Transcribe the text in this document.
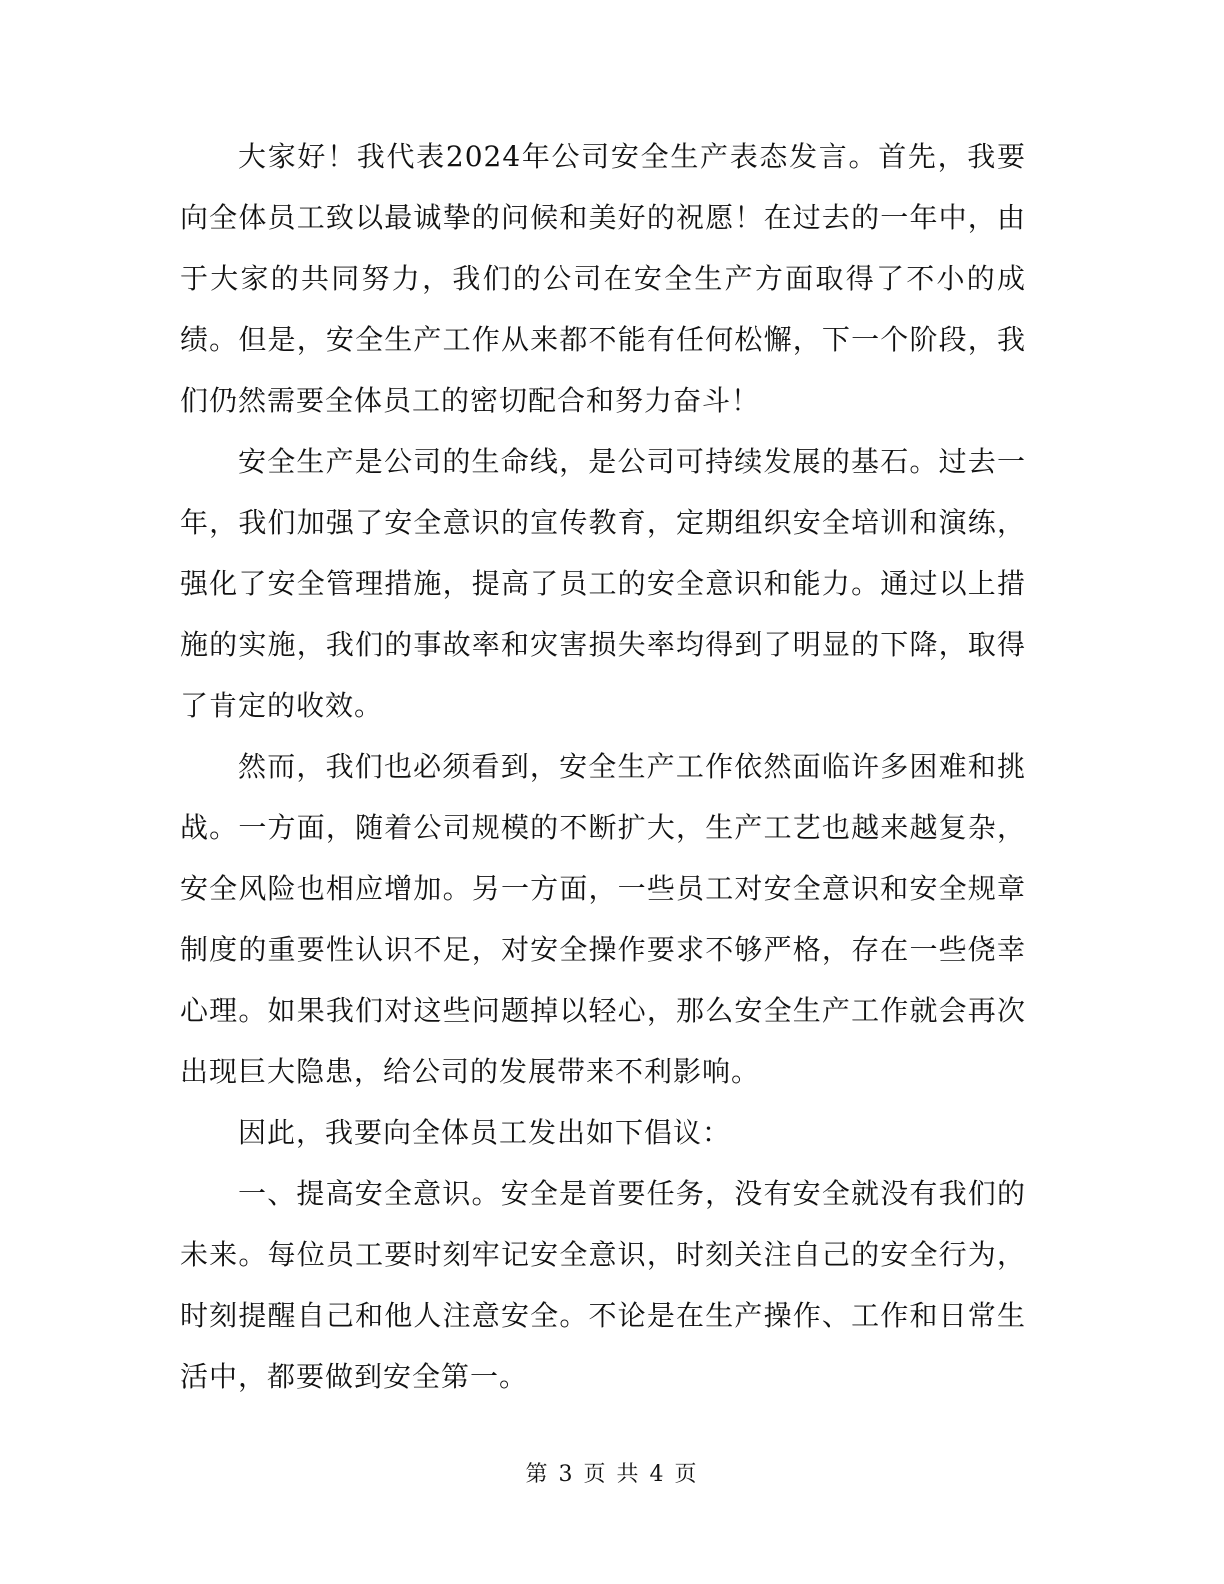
大家好！我代表2024年公司安全生产表态发言。首先，我要向全体员工致以最诚挚的问候和美好的祝愿！在过去的一年中，由于大家的共同努力，我们的公司在安全生产方面取得了不小的成绩。但是，安全生产工作从来都不能有任何松懈，下一个阶段，我们仍然需要全体员工的密切配合和努力奋斗！

安全生产是公司的生命线，是公司可持续发展的基石。过去一年，我们加强了安全意识的宣传教育，定期组织安全培训和演练，强化了安全管理措施，提高了员工的安全意识和能力。通过以上措施的实施，我们的事故率和灾害损失率均得到了明显的下降，取得了肯定的收效。

然而，我们也必须看到，安全生产工作依然面临许多困难和挑战。一方面，随着公司规模的不断扩大，生产工艺也越来越复杂，安全风险也相应增加。另一方面，一些员工对安全意识和安全规章制度的重要性认识不足，对安全操作要求不够严格，存在一些侥幸心理。如果我们对这些问题掉以轻心，那么安全生产工作就会再次出现巨大隐患，给公司的发展带来不利影响。

因此，我要向全体员工发出如下倡议：

一、提高安全意识。安全是首要任务，没有安全就没有我们的未来。每位员工要时刻牢记安全意识，时刻关注自己的安全行为，时刻提醒自己和他人注意安全。不论是在生产操作、工作和日常生活中，都要做到安全第一。

第 3 页 共 4 页
